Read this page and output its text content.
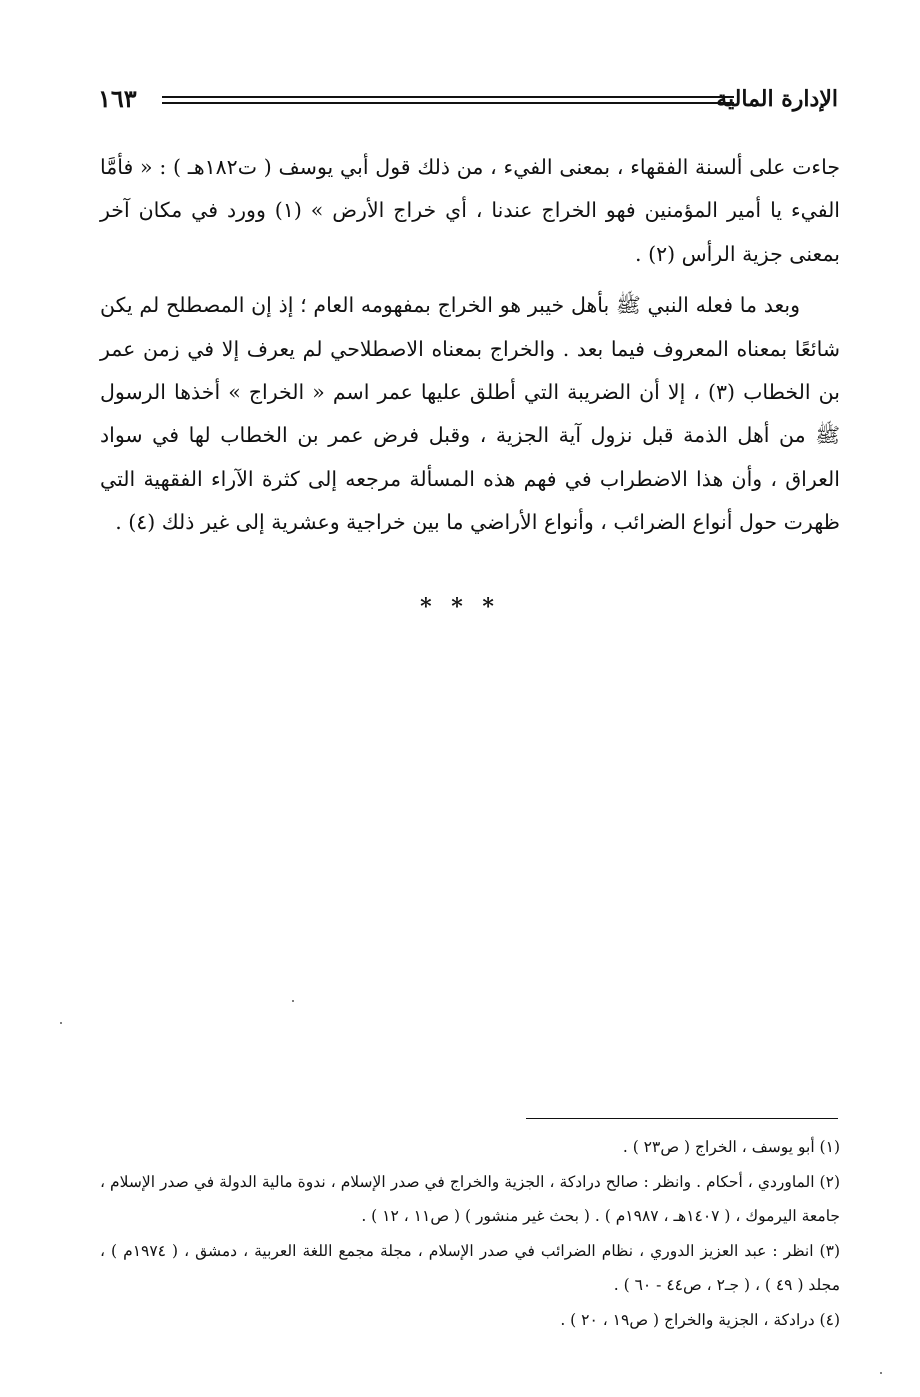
الإدارة المالية
١٦٣

جاءت على ألسنة الفقهاء ، بمعنى الفيء ، من ذلك قول أبي يوسف ( ت١٨٢هـ ) : « فأمَّا الفيء يا أمير المؤمنين فهو الخراج عندنا ، أي خراج الأرض » (١) وورد في مكان آخر بمعنى جزية الرأس (٢) .

وبعد ما فعله النبي ﷺ بأهل خيبر هو الخراج بمفهومه العام ؛ إذ إن المصطلح لم يكن شائعًا بمعناه المعروف فيما بعد . والخراج بمعناه الاصطلاحي لم يعرف إلا في زمن عمر بن الخطاب (٣) ، إلا أن الضريبة التي أطلق عليها عمر اسم « الخراج » أخذها الرسول ﷺ من أهل الذمة قبل نزول آية الجزية ، وقبل فرض عمر بن الخطاب لها في سواد العراق ، وأن هذا الاضطراب في فهم هذه المسألة مرجعه إلى كثرة الآراء الفقهية التي ظهرت حول أنواع الضرائب ، وأنواع الأراضي ما بين خراجية وعشرية إلى غير ذلك (٤) .

* * *

(١) أبو يوسف ، الخراج ( ص٢٣ ) .

(٢) الماوردي ، أحكام . وانظر : صالح درادكة ، الجزية والخراج في صدر الإسلام ، ندوة مالية الدولة في صدر الإسلام ، جامعة اليرموك ، ( ١٤٠٧هـ ، ١٩٨٧م ) . ( بحث غير منشور ) ( ص١١ ، ١٢ ) .

(٣) انظر : عبد العزيز الدوري ، نظام الضرائب في صدر الإسلام ، مجلة مجمع اللغة العربية ، دمشق ، ( ١٩٧٤م ) ، مجلد ( ٤٩ ) ، ( جـ٢ ، ص٤٤ - ٦٠ ) .

(٤) درادكة ، الجزية والخراج ( ص١٩ ، ٢٠ ) .
